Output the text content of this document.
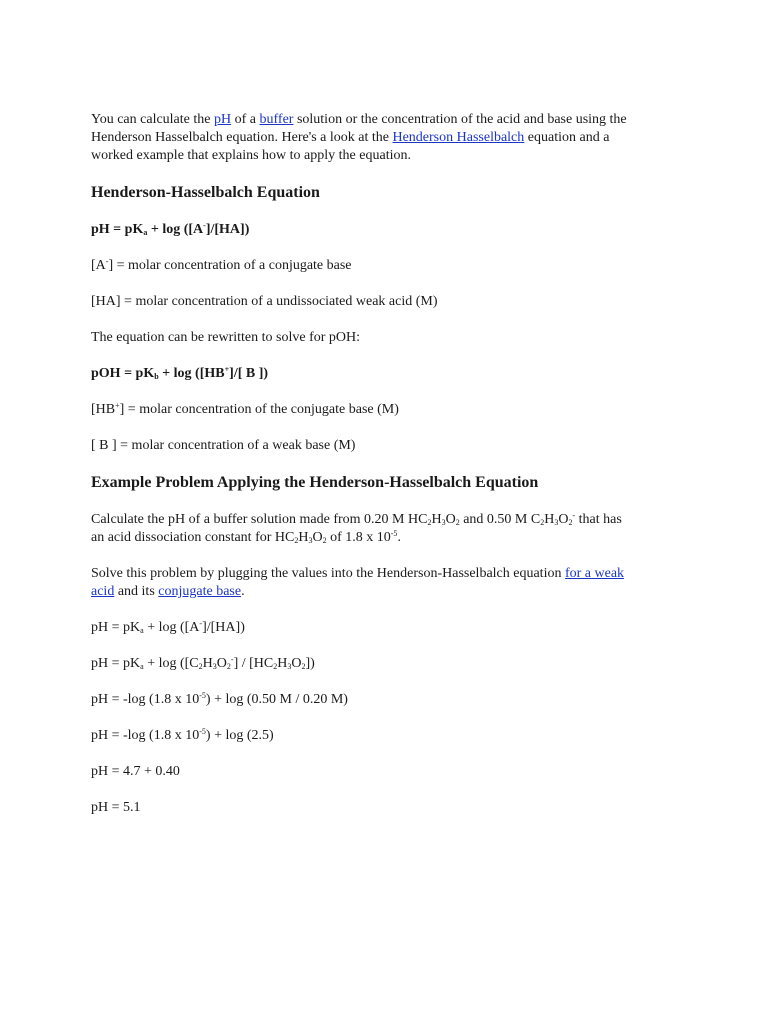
You can calculate the pH of a buffer solution or the concentration of the acid and base using the
Henderson Hasselbalch equation. Here's a look at the Henderson Hasselbalch equation and a
worked example that explains how to apply the equation.
Henderson-Hasselbalch Equation
pH = $pK_a + \log ([A^-]/[HA])$
[A-] = molar concentration of a conjugate base
[HA] = molar concentration of a undissociated weak acid (M)
The equation can be rewritten to solve for pOH:
pOH = $pK_b + \log ([HB^+]/$[ B ])
[HB+] = molar concentration of the conjugate base (M)
[ B ] = molar concentration of a weak base (M)
Example Problem Applying the Henderson-Hasselbalch Equation
Calculate the pH of a buffer solution made from 0.20 M $HC_2H_3O_2$ and 0.50 M $C_2H_3O_2^-$ that has
an acid dissociation constant for $HC_2H_3O_2$ of 1.8 x $10^{-5}$.
Solve this problem by plugging the values into the Henderson-Hasselbalch equation for a weak
acid and its conjugate base.
pH = $pK_a + \log ([A^-]/[HA])$
pH = $pK_a + \log ([C_2H_3O_2^-] / [HC_2H_3O_2])$
pH = -log (1.8 x $10^{-5}) + \log (0.50$ M / 0.20 M)
pH = -log (1.8 x $10^{-5}) + \log (2.5)$
pH = 4.7 + 0.40
pH = 5.1
